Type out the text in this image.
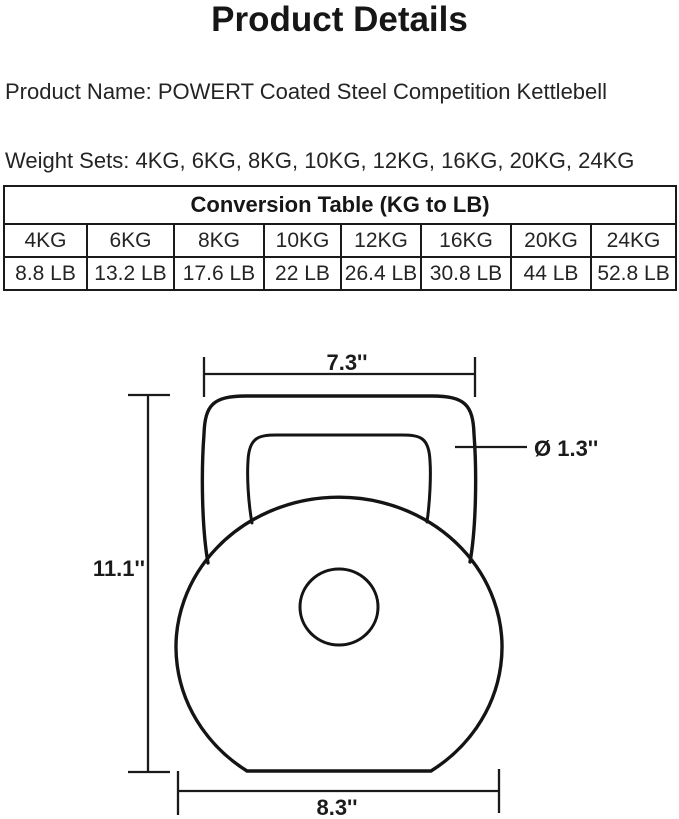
Product Details
Product Name: POWERT Coated Steel Competition Kettlebell
Weight Sets: 4KG, 6KG, 8KG, 10KG, 12KG, 16KG, 20KG, 24KG
Conversion Table (KG to LB)							
4KG	6KG	8KG	10KG	12KG	16KG	20KG	24KG
8.8 LB	13.2 LB	17.6 LB	22 LB	26.4 LB	30.8 LB	44 LB	52.8 LB
7.3''
Ø 1.3''
11.1''
8.3''
